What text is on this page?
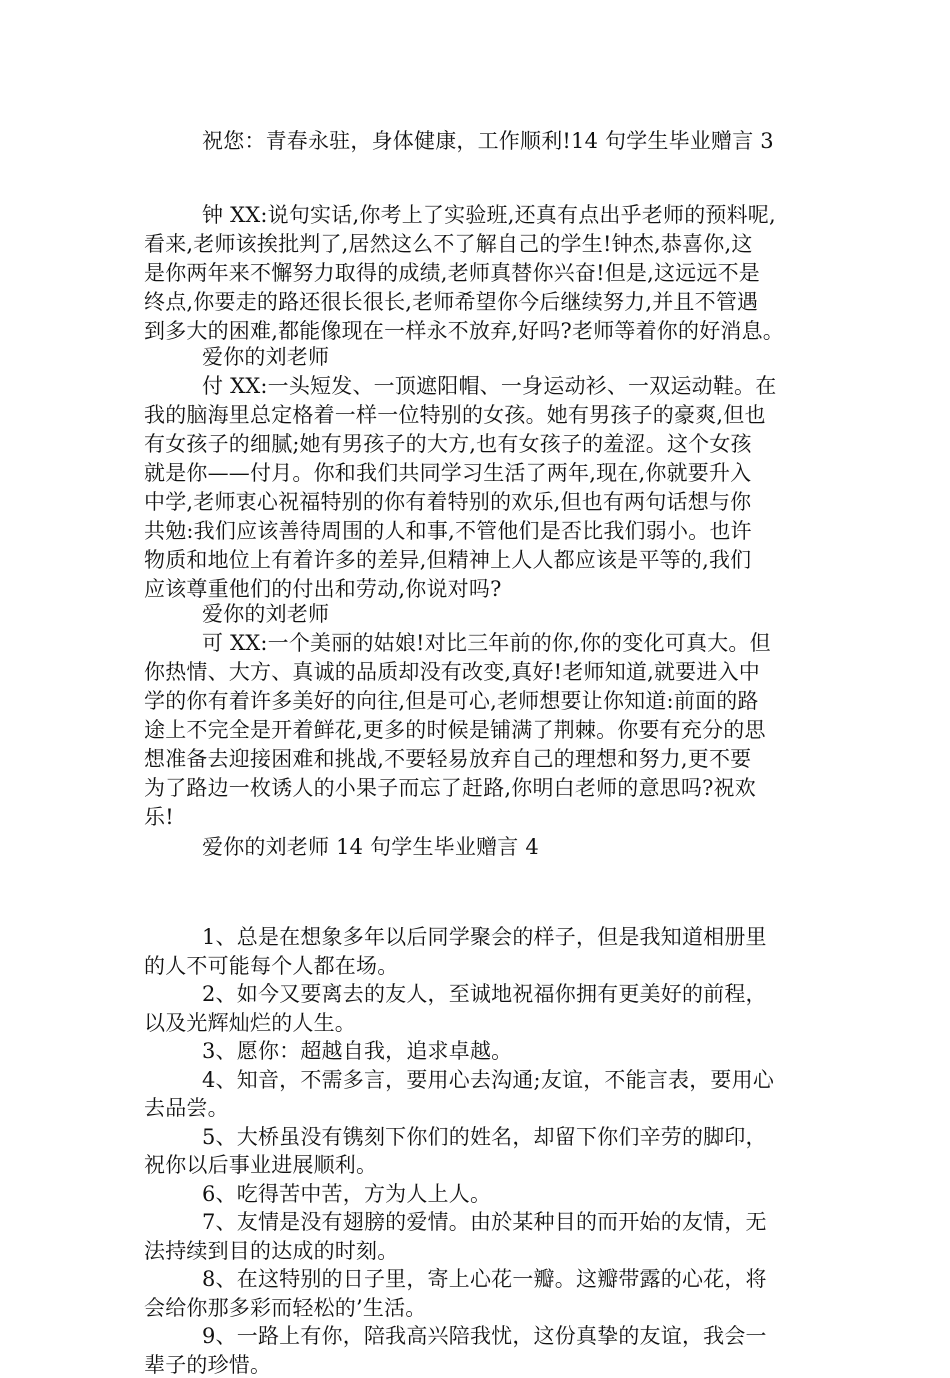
祝您：青春永驻，身体健康，工作顺利!14 句学生毕业赠言 3

钟 XX:说句实话,你考上了实验班,还真有点出乎老师的预料呢,

看来,老师该挨批判了,居然这么不了解自己的学生!钟杰,恭喜你,这

是你两年来不懈努力取得的成绩,老师真替你兴奋!但是,这远远不是

终点,你要走的路还很长很长,老师希望你今后继续努力,并且不管遇

到多大的困难,都能像现在一样永不放弃,好吗?老师等着你的好消息。

爱你的刘老师

付 XX:一头短发、一顶遮阳帽、一身运动衫、一双运动鞋。在

我的脑海里总定格着一样一位特别的女孩。她有男孩子的豪爽,但也

有女孩子的细腻;她有男孩子的大方,也有女孩子的羞涩。这个女孩

就是你——付月。你和我们共同学习生活了两年,现在,你就要升入

中学,老师衷心祝福特别的你有着特别的欢乐,但也有两句话想与你

共勉:我们应该善待周围的人和事,不管他们是否比我们弱小。也许

物质和地位上有着许多的差异,但精神上人人都应该是平等的,我们

应该尊重他们的付出和劳动,你说对吗?

爱你的刘老师

可 XX:一个美丽的姑娘!对比三年前的你,你的变化可真大。但

你热情、大方、真诚的品质却没有改变,真好!老师知道,就要进入中

学的你有着许多美好的向往,但是可心,老师想要让你知道:前面的路

途上不完全是开着鲜花,更多的时候是铺满了荆棘。你要有充分的思

想准备去迎接困难和挑战,不要轻易放弃自己的理想和努力,更不要

为了路边一枚诱人的小果子而忘了赶路,你明白老师的意思吗?祝欢

乐!

爱你的刘老师 14 句学生毕业赠言 4

1、总是在想象多年以后同学聚会的样子，但是我知道相册里

的人不可能每个人都在场。

2、如今又要离去的友人，至诚地祝福你拥有更美好的前程，

以及光辉灿烂的人生。

3、愿你：超越自我，追求卓越。

4、知音，不需多言，要用心去沟通;友谊，不能言表，要用心

去品尝。

5、大桥虽没有镌刻下你们的姓名，却留下你们辛劳的脚印，

祝你以后事业进展顺利。

6、吃得苦中苦，方为人上人。

7、友情是没有翅膀的爱情。由於某种目的而开始的友情，无

法持续到目的达成的时刻。

8、在这特别的日子里，寄上心花一瓣。这瓣带露的心花，将

会给你那多彩而轻松的’生活。

9、一路上有你，陪我高兴陪我忧，这份真挚的友谊，我会一

辈子的珍惜。
